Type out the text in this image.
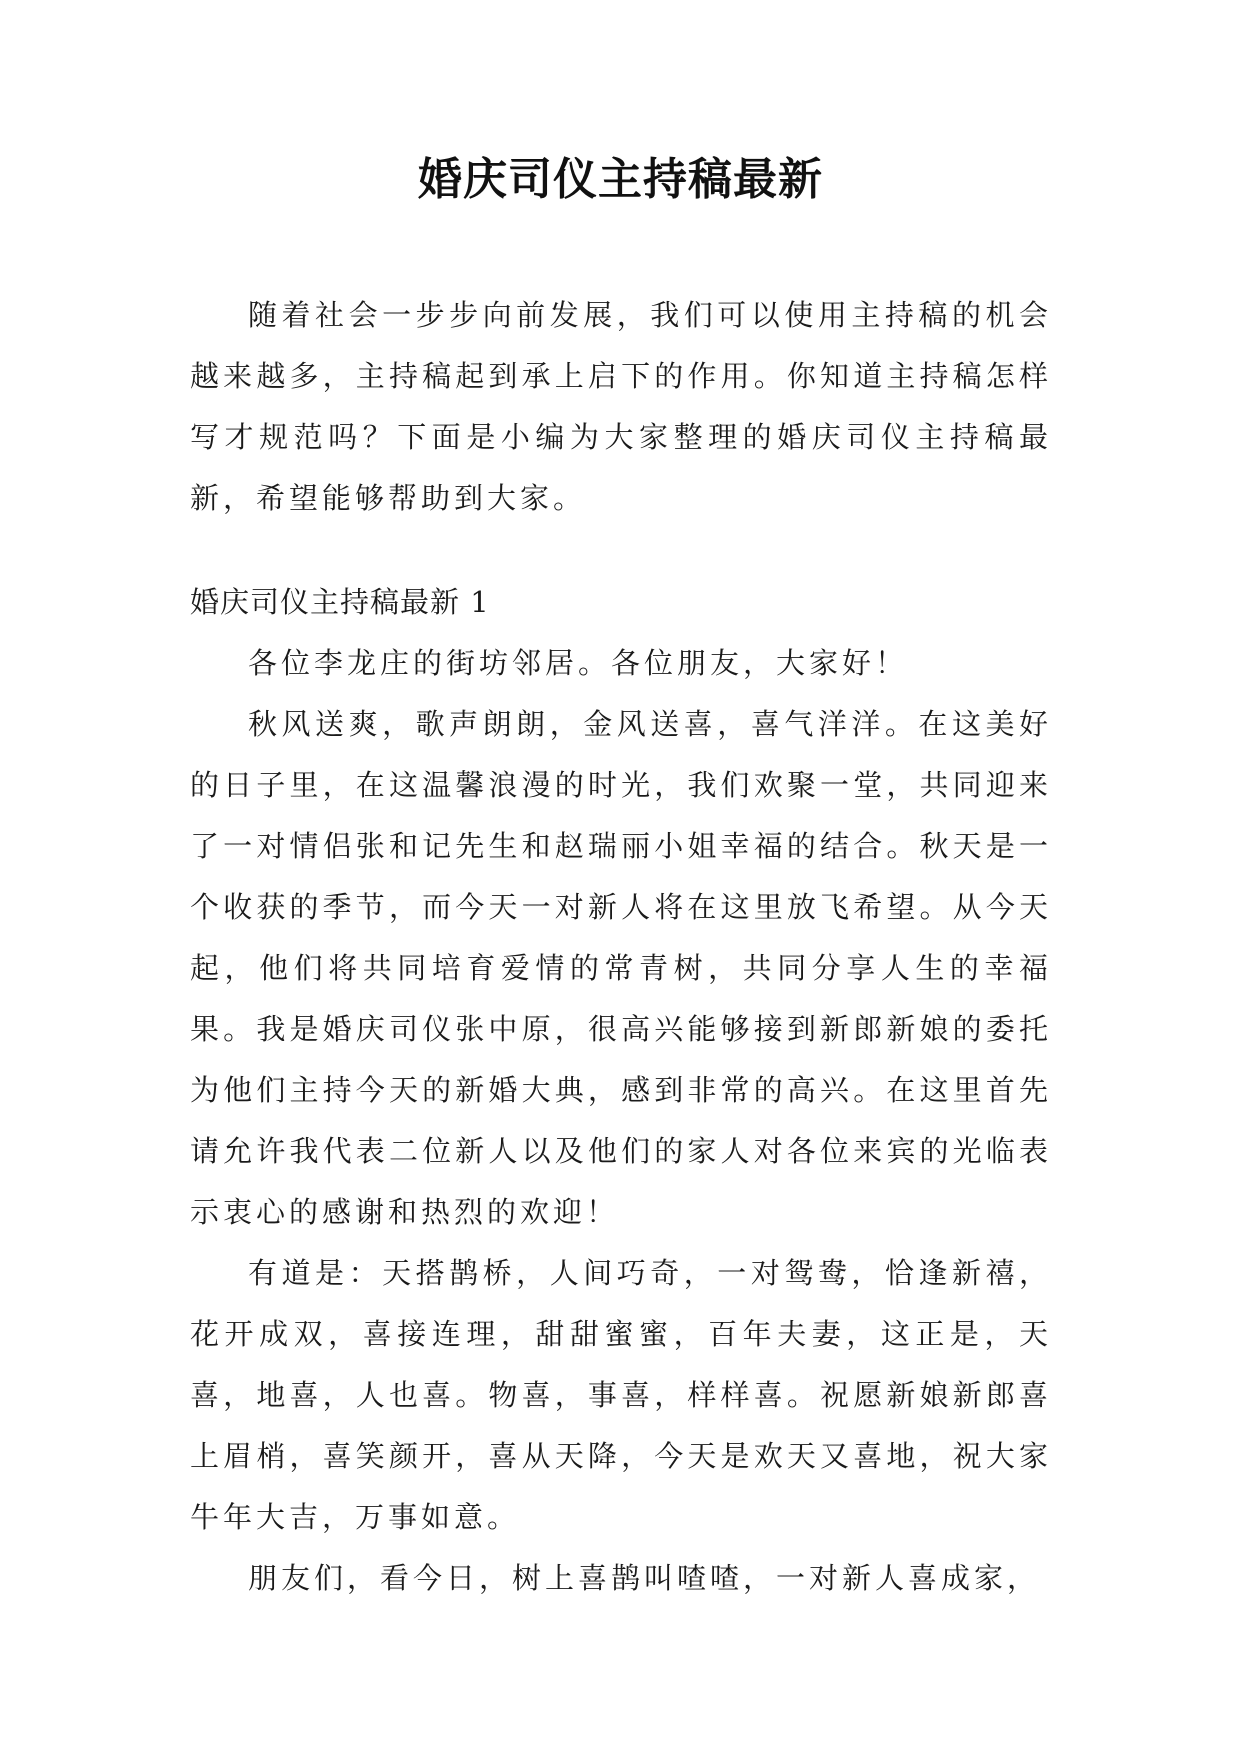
婚庆司仪主持稿最新

随着社会一步步向前发展，我们可以使用主持稿的机会越来越多，主持稿起到承上启下的作用。你知道主持稿怎样写才规范吗？下面是小编为大家整理的婚庆司仪主持稿最新，希望能够帮助到大家。

婚庆司仪主持稿最新 1

各位李龙庄的街坊邻居。各位朋友，大家好！

秋风送爽，歌声朗朗，金风送喜，喜气洋洋。在这美好的日子里，在这温馨浪漫的时光，我们欢聚一堂，共同迎来了一对情侣张和记先生和赵瑞丽小姐幸福的结合。秋天是一个收获的季节，而今天一对新人将在这里放飞希望。从今天起，他们将共同培育爱情的常青树，共同分享人生的幸福果。我是婚庆司仪张中原，很高兴能够接到新郎新娘的委托为他们主持今天的新婚大典，感到非常的高兴。在这里首先请允许我代表二位新人以及他们的家人对各位来宾的光临表示衷心的感谢和热烈的欢迎！

有道是：天搭鹊桥，人间巧奇，一对鸳鸯，恰逢新禧，花开成双，喜接连理，甜甜蜜蜜，百年夫妻，这正是，天喜，地喜，人也喜。物喜，事喜，样样喜。祝愿新娘新郎喜上眉梢，喜笑颜开，喜从天降，今天是欢天又喜地，祝大家牛年大吉，万事如意。

朋友们，看今日，树上喜鹊叫喳喳，一对新人喜成家，
